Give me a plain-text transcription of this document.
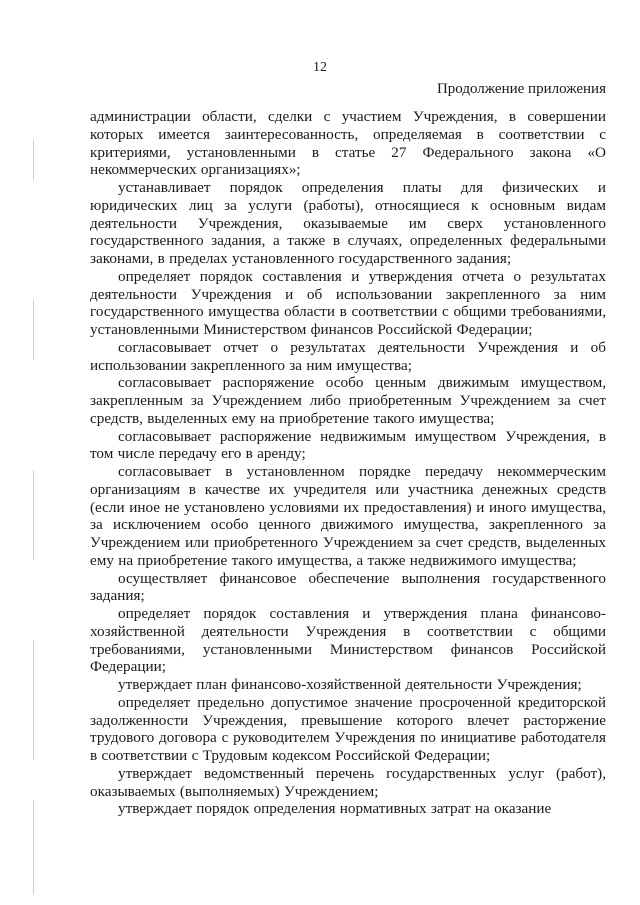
12
Продолжение приложения

администрации области, сделки с участием Учреждения, в совершении которых имеется заинтересованность, определяемая в соответствии с критериями, установленными в статье 27 Федерального закона «О некоммерческих организациях»;

устанавливает порядок определения платы для физических и юридических лиц за услуги (работы), относящиеся к основным видам деятельности Учреждения, оказываемые им сверх установленного государственного задания, а также в случаях, определенных федеральными законами, в пределах установленного государственного задания;

определяет порядок составления и утверждения отчета о результатах деятельности Учреждения и об использовании закрепленного за ним государственного имущества области в соответствии с общими требованиями, установленными Министерством финансов Российской Федерации;

согласовывает отчет о результатах деятельности Учреждения и об использовании закрепленного за ним имущества;

согласовывает распоряжение особо ценным движимым имуществом, закрепленным за Учреждением либо приобретенным Учреждением за счет средств, выделенных ему на приобретение такого имущества;

согласовывает распоряжение недвижимым имуществом Учреждения, в том числе передачу его в аренду;

согласовывает в установленном порядке передачу некоммерческим организациям в качестве их учредителя или участника денежных средств (если иное не установлено условиями их предоставления) и иного имущества, за исключением особо ценного движимого имущества, закрепленного за Учреждением или приобретенного Учреждением за счет средств, выделенных ему на приобретение такого имущества, а также недвижимого имущества;

осуществляет финансовое обеспечение выполнения государственного задания;

определяет порядок составления и утверждения плана финансово-хозяйственной деятельности Учреждения в соответствии с общими требованиями, установленными Министерством финансов Российской Федерации;

утверждает план финансово-хозяйственной деятельности Учреждения;

определяет предельно допустимое значение просроченной кредиторской задолженности Учреждения, превышение которого влечет расторжение трудового договора с руководителем Учреждения по инициативе работодателя в соответствии с Трудовым кодексом Российской Федерации;

утверждает ведомственный перечень государственных услуг (работ), оказываемых (выполняемых) Учреждением;

утверждает порядок определения нормативных затрат на оказание
